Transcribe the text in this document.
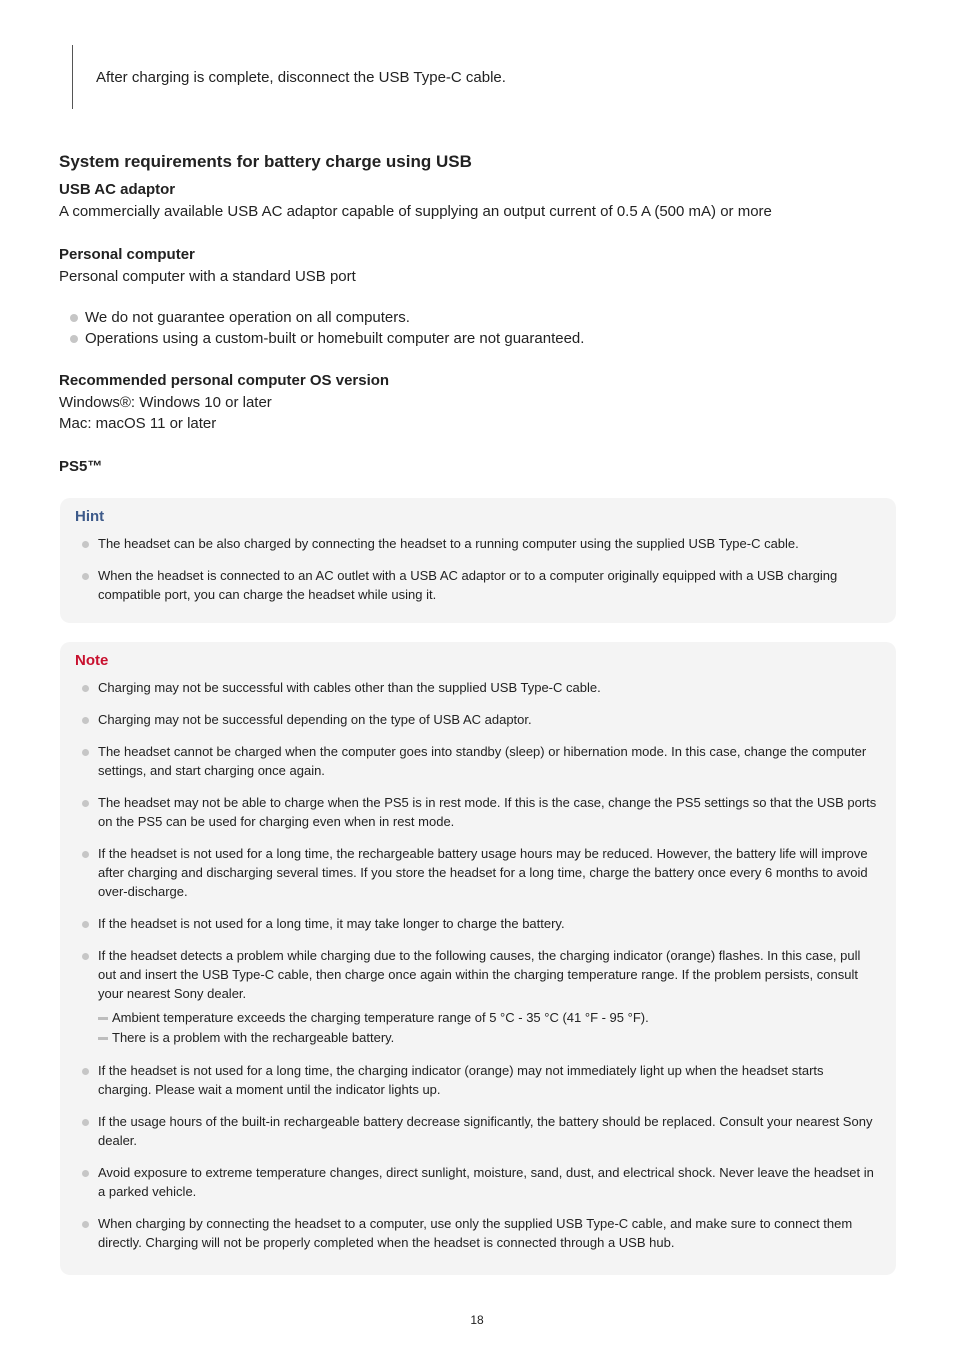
After charging is complete, disconnect the USB Type-C cable.
System requirements for battery charge using USB
USB AC adaptor
A commercially available USB AC adaptor capable of supplying an output current of 0.5 A (500 mA) or more
Personal computer
Personal computer with a standard USB port
We do not guarantee operation on all computers.
Operations using a custom-built or homebuilt computer are not guaranteed.
Recommended personal computer OS version
Windows®: Windows 10 or later
Mac: macOS 11 or later
PS5™
Hint
The headset can be also charged by connecting the headset to a running computer using the supplied USB Type-C cable.
When the headset is connected to an AC outlet with a USB AC adaptor or to a computer originally equipped with a USB charging compatible port, you can charge the headset while using it.
Note
Charging may not be successful with cables other than the supplied USB Type-C cable.
Charging may not be successful depending on the type of USB AC adaptor.
The headset cannot be charged when the computer goes into standby (sleep) or hibernation mode. In this case, change the computer settings, and start charging once again.
The headset may not be able to charge when the PS5 is in rest mode. If this is the case, change the PS5 settings so that the USB ports on the PS5 can be used for charging even when in rest mode.
If the headset is not used for a long time, the rechargeable battery usage hours may be reduced. However, the battery life will improve after charging and discharging several times. If you store the headset for a long time, charge the battery once every 6 months to avoid over-discharge.
If the headset is not used for a long time, it may take longer to charge the battery.
If the headset detects a problem while charging due to the following causes, the charging indicator (orange) flashes. In this case, pull out and insert the USB Type-C cable, then charge once again within the charging temperature range. If the problem persists, consult your nearest Sony dealer.
Ambient temperature exceeds the charging temperature range of 5 °C - 35 °C (41 °F - 95 °F).
There is a problem with the rechargeable battery.
If the headset is not used for a long time, the charging indicator (orange) may not immediately light up when the headset starts charging. Please wait a moment until the indicator lights up.
If the usage hours of the built-in rechargeable battery decrease significantly, the battery should be replaced. Consult your nearest Sony dealer.
Avoid exposure to extreme temperature changes, direct sunlight, moisture, sand, dust, and electrical shock. Never leave the headset in a parked vehicle.
When charging by connecting the headset to a computer, use only the supplied USB Type-C cable, and make sure to connect them directly. Charging will not be properly completed when the headset is connected through a USB hub.
18
